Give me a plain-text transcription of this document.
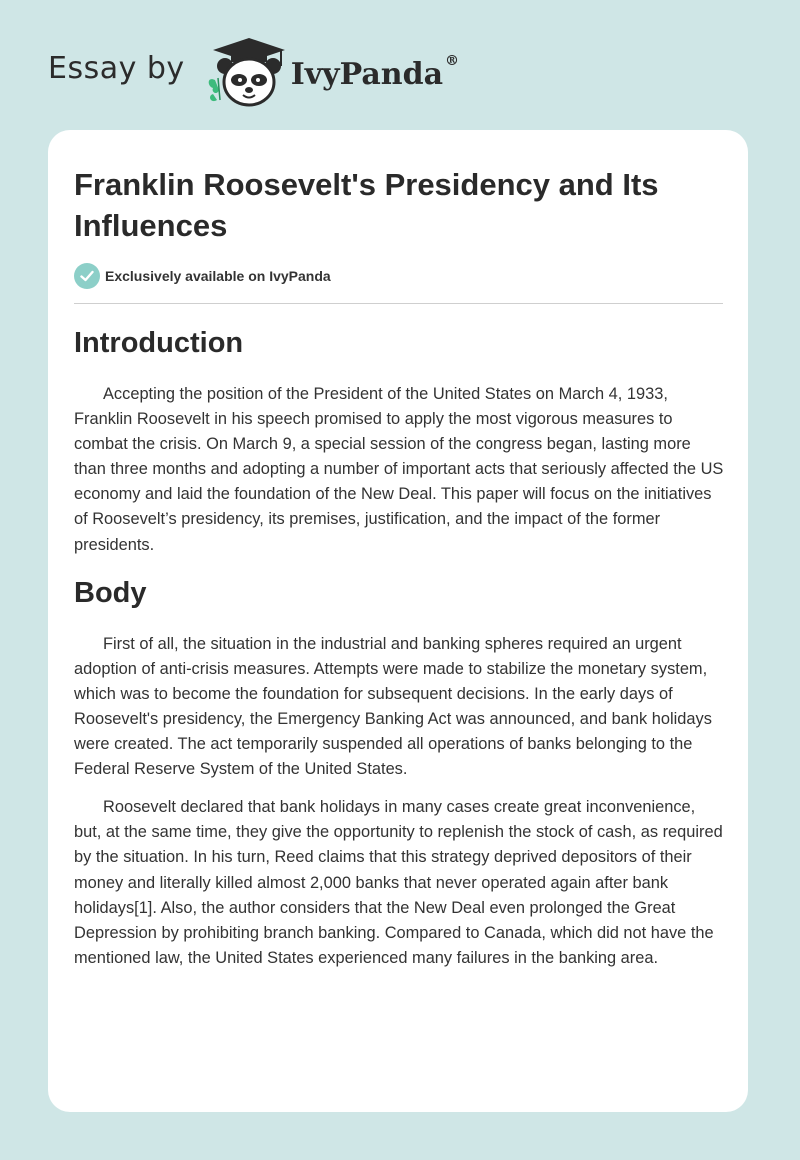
Essay by	IvyPanda ®
Franklin Roosevelt's Presidency and Its Influences
Exclusively available on IvyPanda
Introduction

Accepting the position of the President of the United States on March 4, 1933, Franklin Roosevelt in his speech promised to apply the most vigorous measures to combat the crisis. On March 9, a special session of the congress began, lasting more than three months and adopting a number of important acts that seriously affected the US economy and laid the foundation of the New Deal. This paper will focus on the initiatives of Roosevelt’s presidency, its premises, justification, and the impact of the former presidents.

Body

First of all, the situation in the industrial and banking spheres required an urgent adoption of anti-crisis measures. Attempts were made to stabilize the monetary system, which was to become the foundation for subsequent decisions. In the early days of Roosevelt's presidency, the Emergency Banking Act was announced, and bank holidays were created. The act temporarily suspended all operations of banks belonging to the Federal Reserve System of the United States.

Roosevelt declared that bank holidays in many cases create great inconvenience, but, at the same time, they give the opportunity to replenish the stock of cash, as required by the situation. In his turn, Reed claims that this strategy deprived depositors of their money and literally killed almost 2,000 banks that never operated again after bank holidays[1]. Also, the author considers that the New Deal even prolonged the Great Depression by prohibiting branch banking. Compared to Canada, which did not have the mentioned law, the United States experienced many failures in the banking area.
